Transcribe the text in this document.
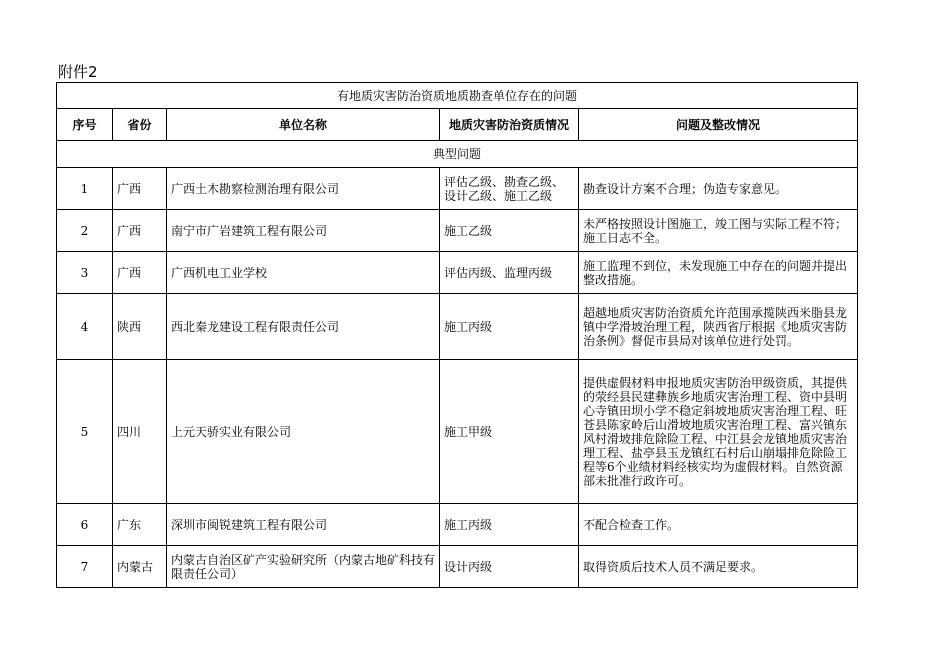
附件2
有地质灾害防治资质地质勘查单位存在的问题				
序号	省份	单位名称	地质灾害防治资质情况	问题及整改情况
典型问题				
1	广西	广西土木勘察检测治理有限公司	评估乙级、勘查乙级、设计乙级、施工乙级	勘查设计方案不合理；伪造专家意见。
2	广西	南宁市广岩建筑工程有限公司	施工乙级	未严格按照设计图施工，竣工图与实际工程不符；施工日志不全。
3	广西	广西机电工业学校	评估丙级、监理丙级	施工监理不到位，未发现施工中存在的问题并提出整改措施。
4	陕西	西北秦龙建设工程有限责任公司	施工丙级	超越地质灾害防治资质允许范围承揽陕西米脂县龙镇中学滑坡治理工程，陕西省厅根据《地质灾害防治条例》督促市县局对该单位进行处罚。
5	四川	上元天骄实业有限公司	施工甲级	提供虚假材料申报地质灾害防治甲级资质，其提供的荥经县民建彝族乡地质灾害治理工程、资中县明心寺镇田坝小学不稳定斜坡地质灾害治理工程、旺苍县陈家岭后山滑坡地质灾害治理工程、富兴镇东风村滑坡排危除险工程、中江县会龙镇地质灾害治理工程、盐亭县玉龙镇红石村后山崩塌排危除险工程等6个业绩材料经核实均为虚假材料。自然资源部未批准行政许可。
6	广东	深圳市闽锐建筑工程有限公司	施工丙级	不配合检查工作。
7	内蒙古	内蒙古自治区矿产实验研究所（内蒙古地矿科技有限责任公司）	设计丙级	取得资质后技术人员不满足要求。
